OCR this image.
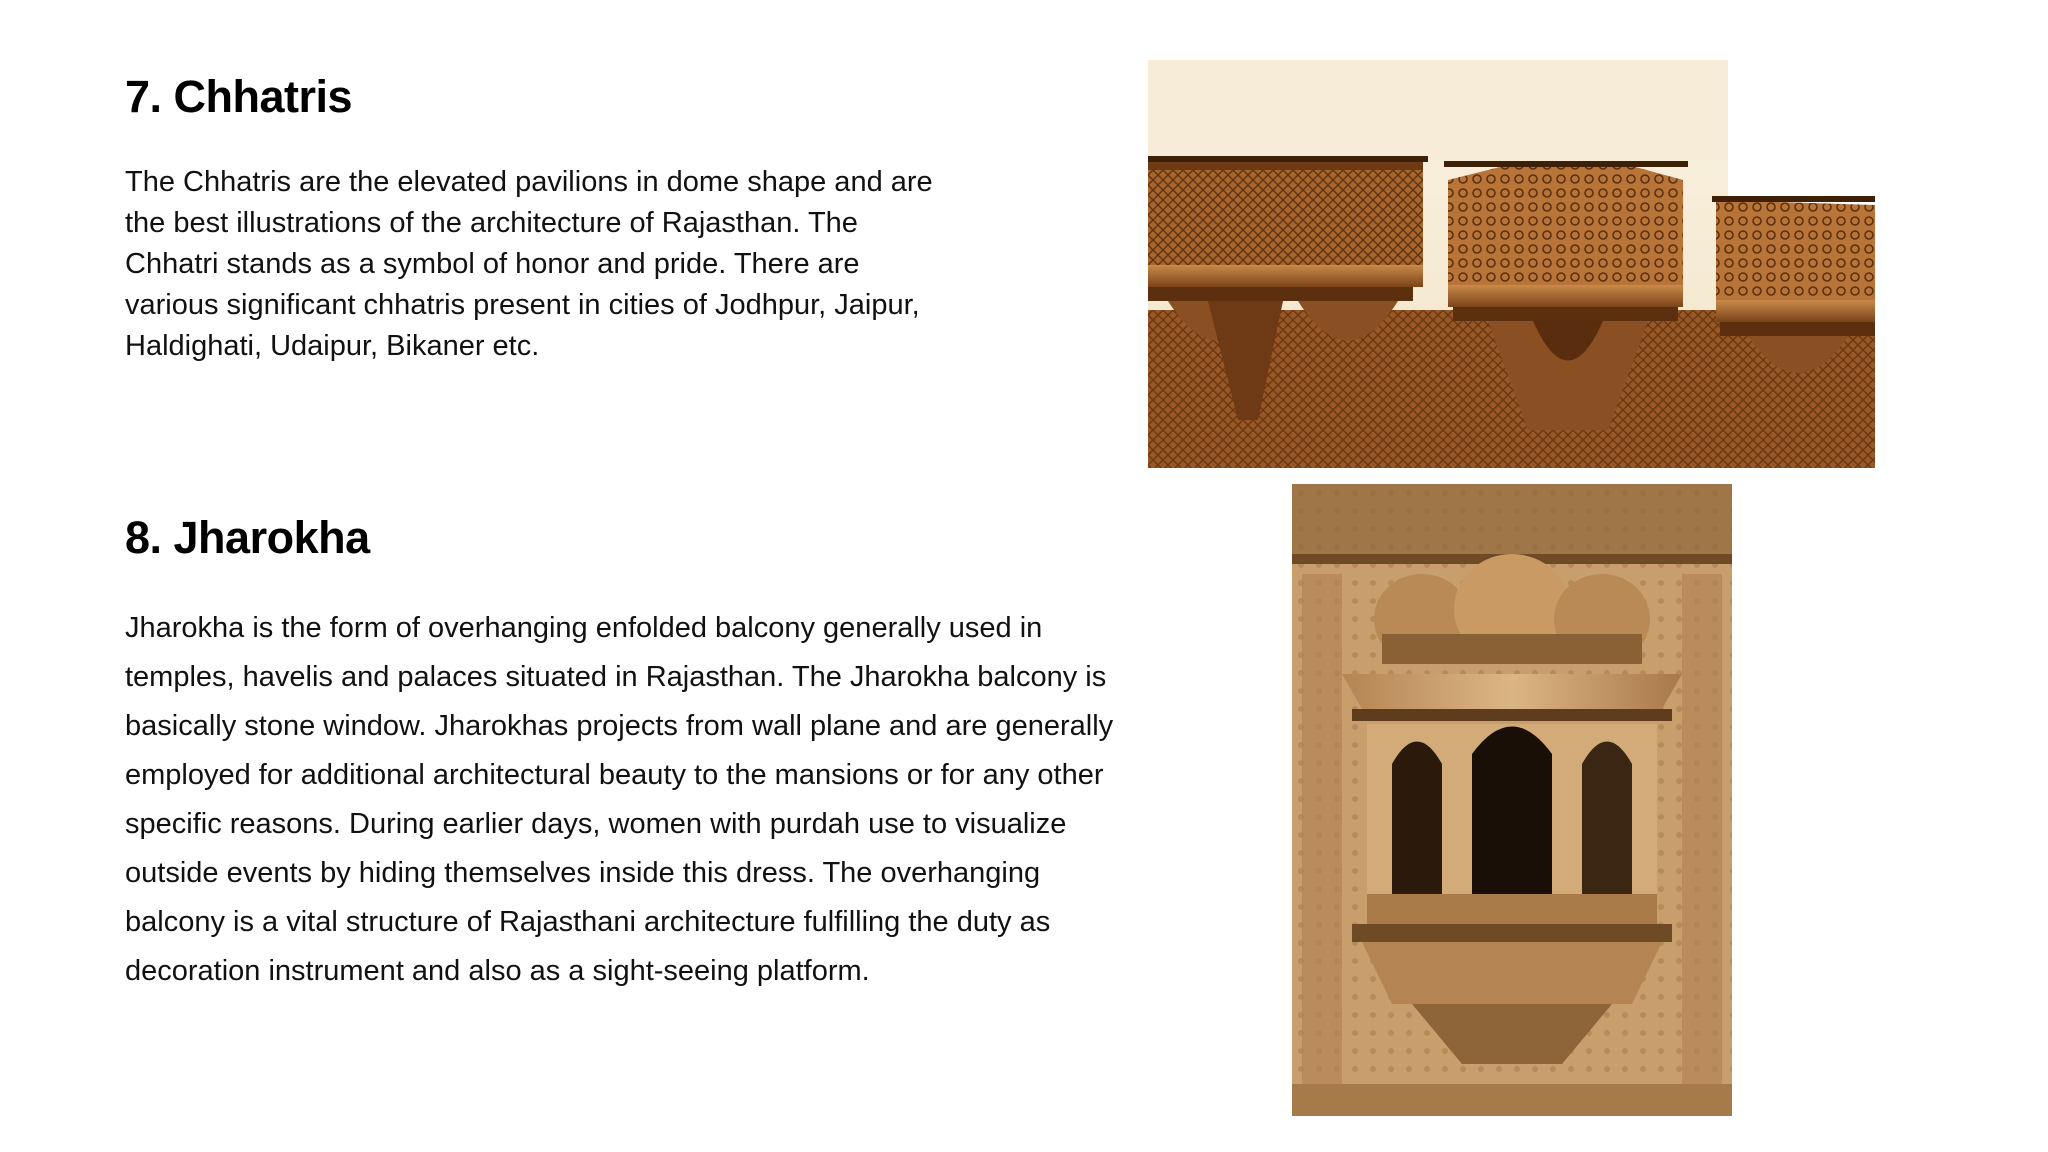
7. Chhatris

The Chhatris are the elevated pavilions in dome shape and are the best illustrations of the architecture of Rajasthan. The Chhatri stands as a symbol of honor and pride. There are various significant chhatris present in cities of Jodhpur, Jaipur, Haldighati, Udaipur, Bikaner etc.

8. Jharokha

Jharokha is the form of overhanging enfolded balcony generally used in temples, havelis and palaces situated in Rajasthan. The Jharokha balcony is basically stone window. Jharokhas projects from wall plane and are generally employed for additional architectural beauty to the mansions or for any other specific reasons. During earlier days, women with purdah use to visualize outside events by hiding themselves inside this dress. The overhanging balcony is a vital structure of Rajasthani architecture fulfilling the duty as decoration instrument and also as a sight-seeing platform.
